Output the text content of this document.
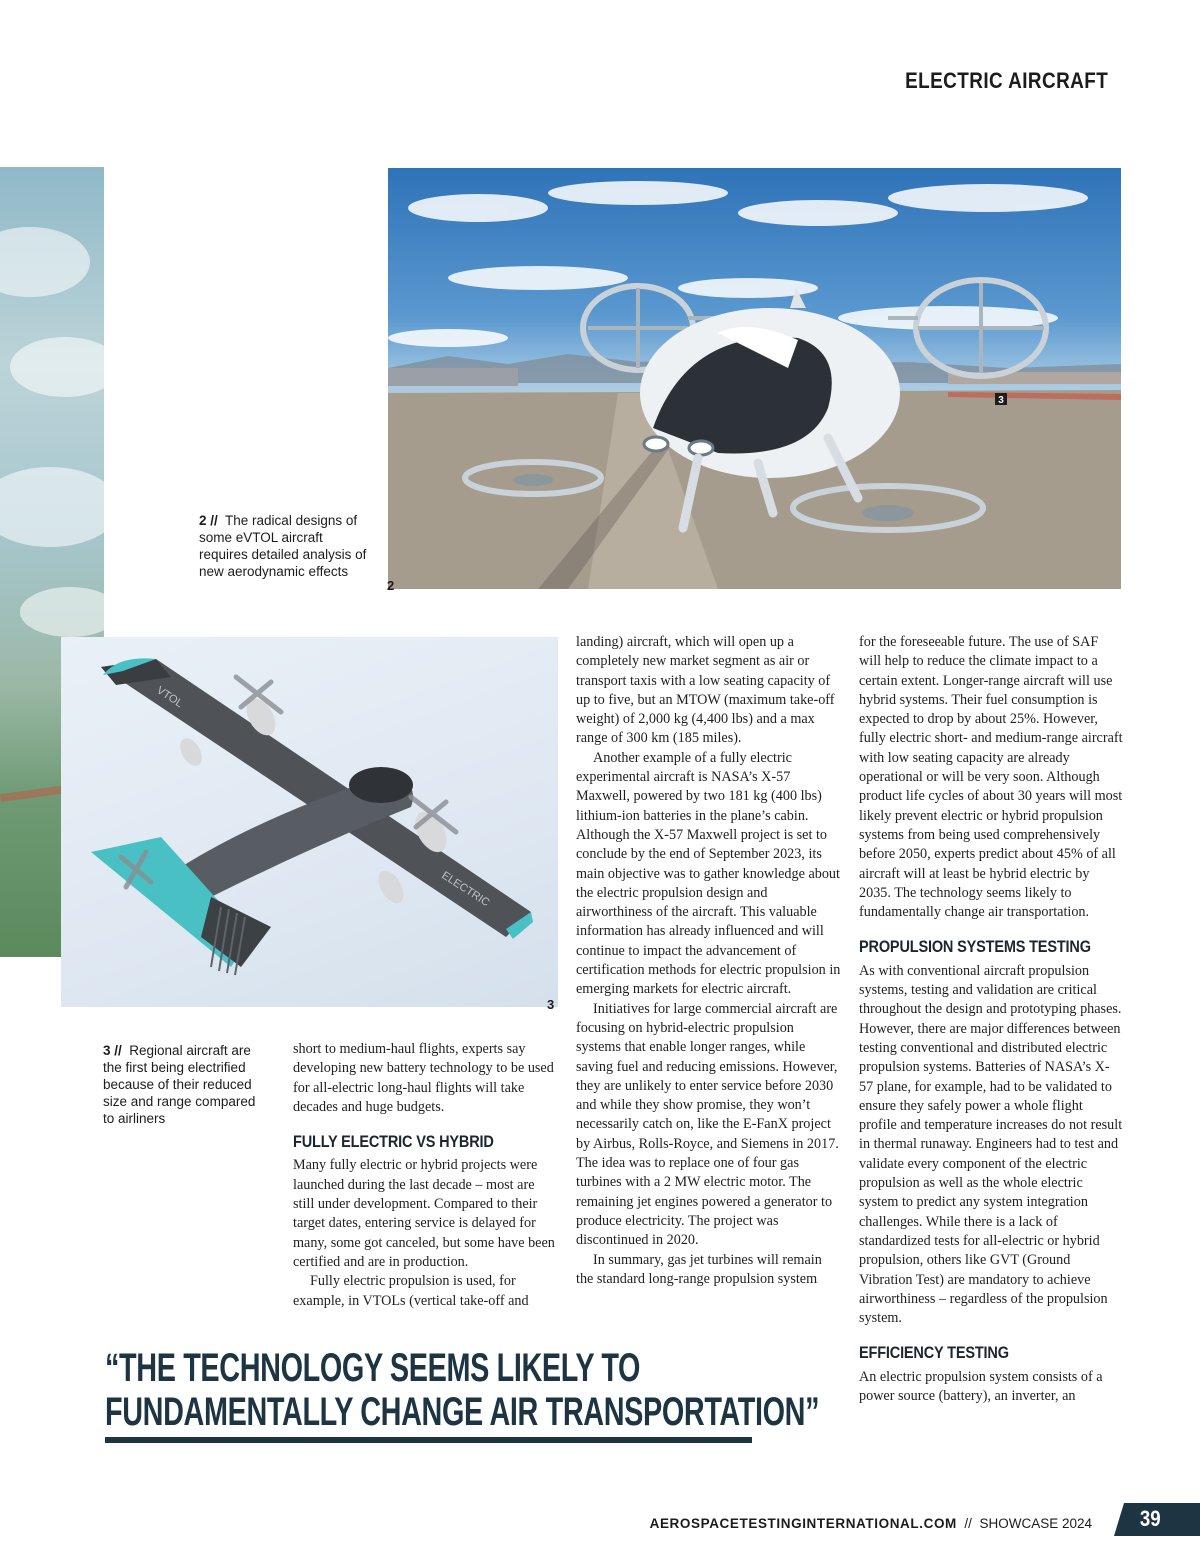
ELECTRIC AIRCRAFT
3
2 // The radical designs of some eVTOL aircraft requires detailed analysis of new aerodynamic effects
2
VTOL
ELECTRIC
3
3 // Regional aircraft are the first being electrified because of their reduced size and range compared to airliners

short to medium-haul flights, experts say developing new battery technology to be used for all-electric long-haul flights will take decades and huge budgets.

FULLY ELECTRIC VS HYBRID

Many fully electric or hybrid projects were launched during the last decade – most are still under development. Compared to their target dates, entering service is delayed for many, some got canceled, but some have been certified and are in production.

Fully electric propulsion is used, for example, in VTOLs (vertical take-off and

landing) aircraft, which will open up a completely new market segment as air or transport taxis with a low seating capacity of up to five, but an MTOW (maximum take-off weight) of 2,000 kg (4,400 lbs) and a max range of 300 km (185 miles).

Another example of a fully electric experimental aircraft is NASA’s X-57 Maxwell, powered by two 181 kg (400 lbs) lithium-ion batteries in the plane’s cabin. Although the X-57 Maxwell project is set to conclude by the end of September 2023, its main objective was to gather knowledge about the electric propulsion design and airworthiness of the aircraft. This valuable information has already influenced and will continue to impact the advancement of certification methods for electric propulsion in emerging markets for electric aircraft.

Initiatives for large commercial aircraft are focusing on hybrid-electric propulsion systems that enable longer ranges, while saving fuel and reducing emissions. However, they are unlikely to enter service before 2030 and while they show promise, they won’t necessarily catch on, like the E-FanX project by Airbus, Rolls-Royce, and Siemens in 2017. The idea was to replace one of four gas turbines with a 2 MW electric motor. The remaining jet engines powered a generator to produce electricity. The project was discontinued in 2020.

In summary, gas jet turbines will remain the standard long-range propulsion system

for the foreseeable future. The use of SAF will help to reduce the climate impact to a certain extent. Longer-range aircraft will use hybrid systems. Their fuel consumption is expected to drop by about 25%. However, fully electric short- and medium-range aircraft with low seating capacity are already operational or will be very soon. Although product life cycles of about 30 years will most likely prevent electric or hybrid propulsion systems from being used comprehensively before 2050, experts predict about 45% of all aircraft will at least be hybrid electric by 2035. The technology seems likely to fundamentally change air transportation.

PROPULSION SYSTEMS TESTING

As with conventional aircraft propulsion systems, testing and validation are critical throughout the design and prototyping phases. However, there are major differences between testing conventional and distributed electric propulsion systems. Batteries of NASA’s X-57 plane, for example, had to be validated to ensure they safely power a whole flight profile and temperature increases do not result in thermal runaway. Engineers had to test and validate every component of the electric propulsion as well as the whole electric system to predict any system integration challenges. While there is a lack of standardized tests for all-electric or hybrid propulsion, others like GVT (Ground Vibration Test) are mandatory to achieve airworthiness – regardless of the propulsion system.

EFFICIENCY TESTING

An electric propulsion system consists of a power source (battery), an inverter, an

“THE TECHNOLOGY SEEMS LIKELY TO
FUNDAMENTALLY CHANGE AIR TRANSPORTATION”
AEROSPACETESTINGINTERNATIONAL.COM // SHOWCASE 2024 39
